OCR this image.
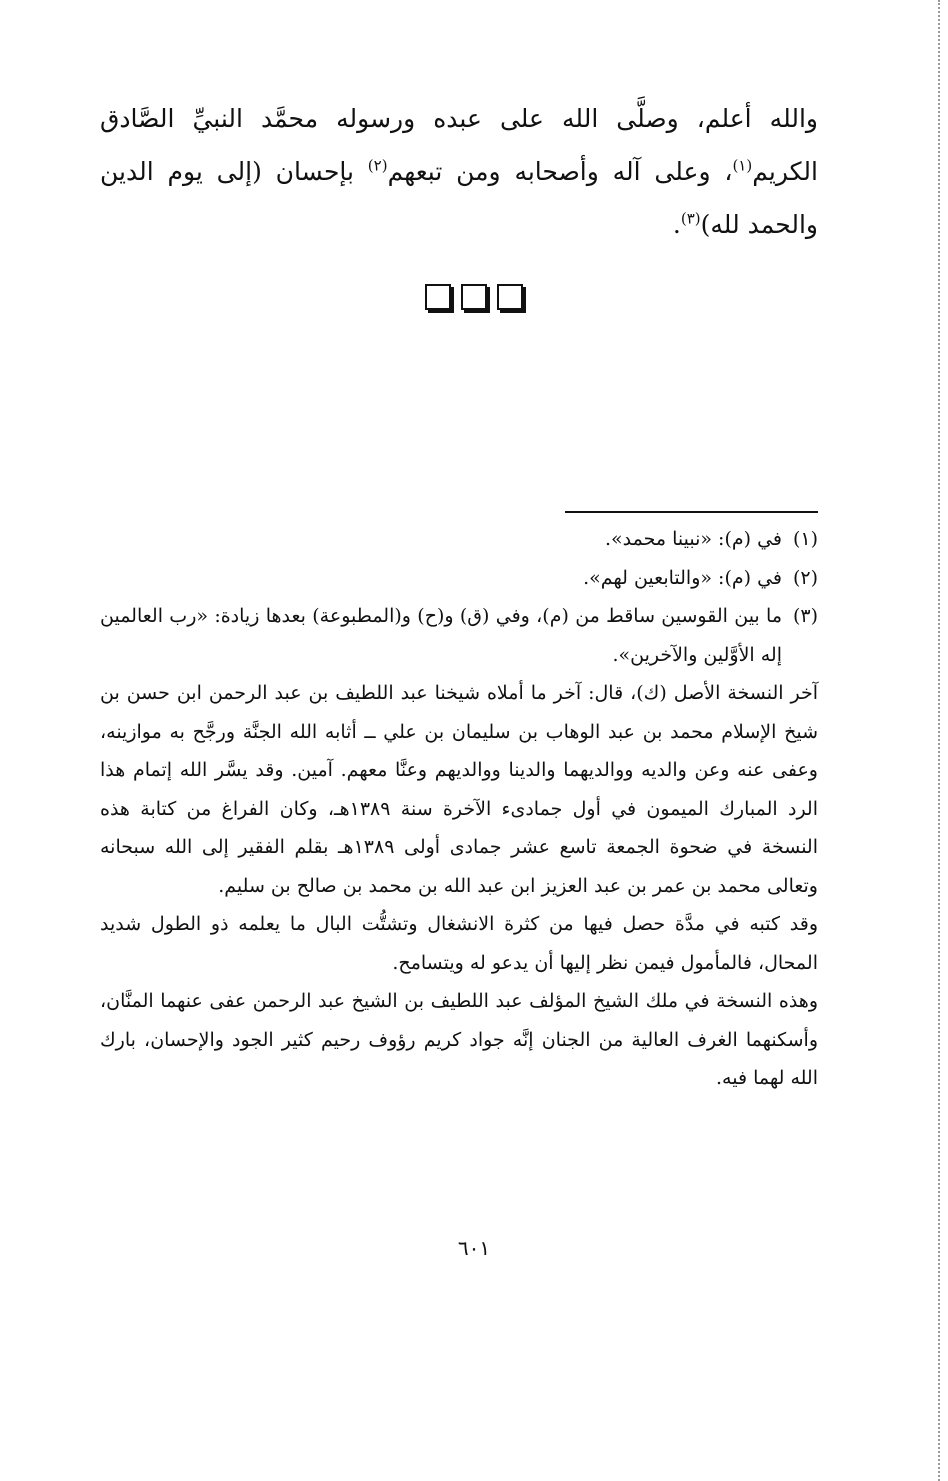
والله أعلم، وصلَّى الله على عبده ورسوله محمَّد النبيِّ الصَّادق الكريم$^{(١)}$، وعلى آله وأصحابه ومن تبعهم$^{(٢)}$ بإحسان (إلى يوم الدين والحمد لله)$^{(٣)}$.
(١)
في (م): «نبينا محمد».
(٢)
في (م): «والتابعين لهم».
(٣)
ما بين القوسين ساقط من (م)، وفي (ق) و(ح) و(المطبوعة) بعدها زيادة: «رب العالمين إله الأوَّلين والآخرين».
آخر النسخة الأصل (ك)، قال: آخر ما أملاه شيخنا عبد اللطيف بن عبد الرحمن ابن حسن بن شيخ الإسلام محمد بن عبد الوهاب بن سليمان بن علي ــ أثابه الله الجنَّة ورجَّح به موازينه، وعفى عنه وعن والديه ووالديهما والدينا ووالديهم وعنَّا معهم. آمين. وقد يسَّر الله إتمام هذا الرد المبارك الميمون في أول جمادىء الآخرة سنة ١٣٨٩هـ، وكان الفراغ من كتابة هذه النسخة في ضحوة الجمعة تاسع عشر جمادى أولى ١٣٨٩هـ بقلم الفقير إلى الله سبحانه وتعالى محمد بن عمر بن عبد العزيز ابن عبد الله بن محمد بن صالح بن سليم.
وقد كتبه في مدَّة حصل فيها من كثرة الانشغال وتشتُّت البال ما يعلمه ذو الطول شديد المحال، فالمأمول فيمن نظر إليها أن يدعو له ويتسامح.
وهذه النسخة في ملك الشيخ المؤلف عبد اللطيف بن الشيخ عبد الرحمن عفى عنهما المنَّان، وأسكنهما الغرف العالية من الجنان إنَّه جواد كريم رؤوف رحيم كثير الجود والإحسان، بارك الله لهما فيه.
٦٠١
